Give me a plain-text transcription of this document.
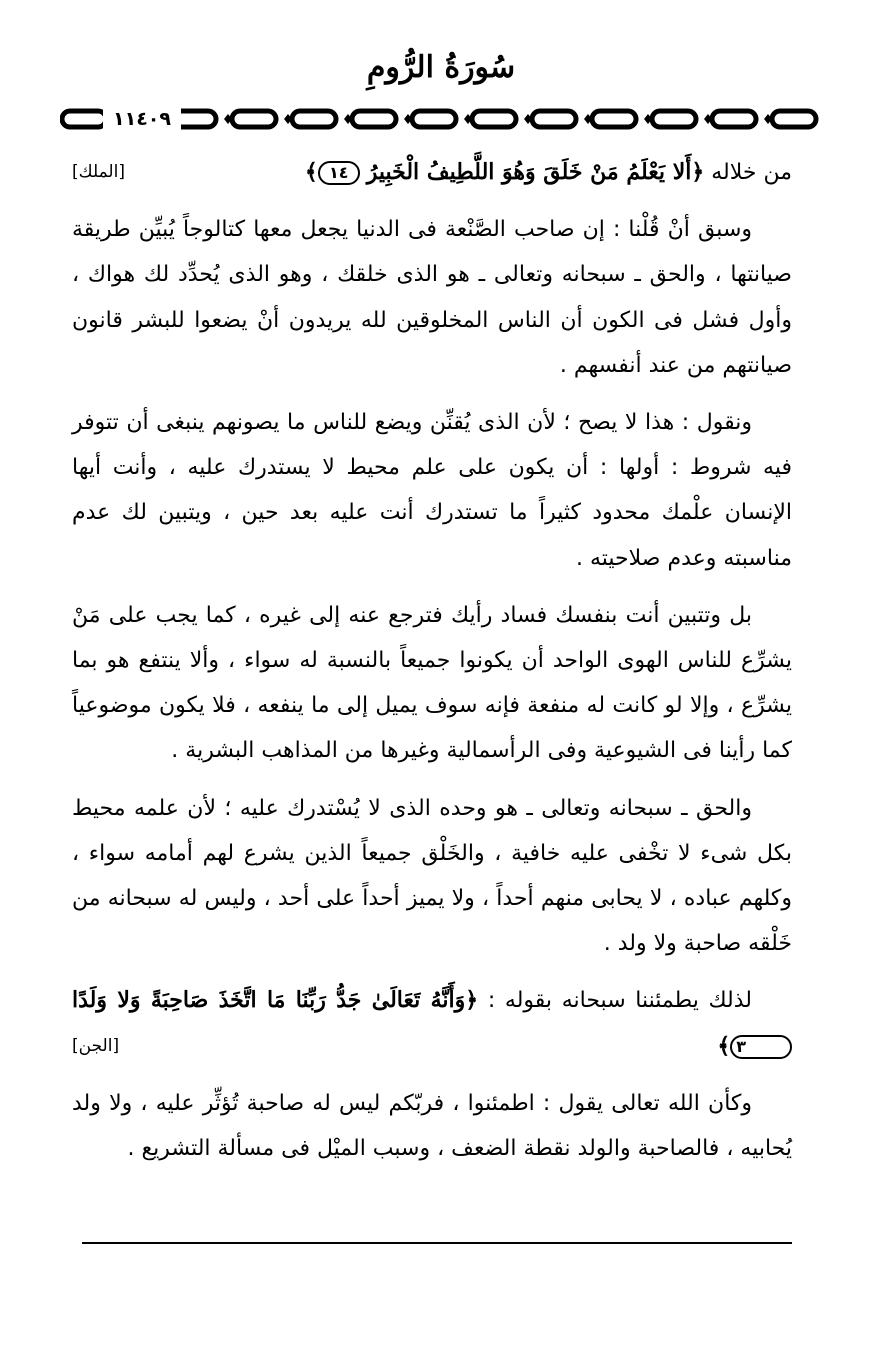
سُورَةُ الرُّومِ
١١٤٠٩

[الملك]	من خلاله ﴿أَلا يَعْلَمُ مَنْ خَلَقَ وَهُوَ اللَّطِيفُ الْخَبِيرُ ١٤﴾

وسبق أنْ قُلْنا : إن صاحب الصَّنْعة فى الدنيا يجعل معها كتالوجاً يُبيِّن طريقة صيانتها ، والحق ـ سبحانه وتعالى ـ هو الذى خلقك ، وهو الذى يُحدِّد لك هواك ، وأول فشل فى الكون أن الناس المخلوقين لله يريدون أنْ يضعوا للبشر قانون صيانتهم من عند أنفسهم .

ونقول : هذا لا يصح ؛ لأن الذى يُقنِّن ويضع للناس ما يصونهم ينبغى أن تتوفر فيه شروط : أولها : أن يكون على علم محيط لا يستدرك عليه ، وأنت أيها الإنسان علْمك محدود كثيراً ما تستدرك أنت عليه بعد حين ، ويتبين لك عدم مناسبته وعدم صلاحيته .

بل وتتبين أنت بنفسك فساد رأيك فترجع عنه إلى غيره ، كما يجب على مَنْ يشرِّع للناس الهوى الواحد أن يكونوا جميعاً بالنسبة له سواء ، وألا ينتفع هو بما يشرِّع ، وإلا لو كانت له منفعة فإنه سوف يميل إلى ما ينفعه ، فلا يكون موضوعياً كما رأينا فى الشيوعية وفى الرأسمالية وغيرها من المذاهب البشرية .

والحق ـ سبحانه وتعالى ـ هو وحده الذى لا يُسْتدرك عليه ؛ لأن علمه محيط بكل شىء لا تخْفى عليه خافية ، والخَلْق جميعاً الذين يشرع لهم أمامه سواء ، وكلهم عباده ، لا يحابى منهم أحداً ، ولا يميز أحداً على أحد ، وليس له سبحانه من خَلْقه صاحبة ولا ولد .

لذلك يطمئننا سبحانه بقوله : ﴿وَأَنَّهُ تَعَالَىٰ جَدُّ رَبِّنَا مَا اتَّخَذَ صَاحِبَةً وَلا وَلَدًا ٣﴾
[الجن]

وكأن الله تعالى يقول : اطمئنوا ، فربّكم ليس له صاحبة تُؤثِّر عليه ، ولا ولد يُحابيه ، فالصاحبة والولد نقطة الضعف ، وسبب الميْل فى مسألة التشريع .
